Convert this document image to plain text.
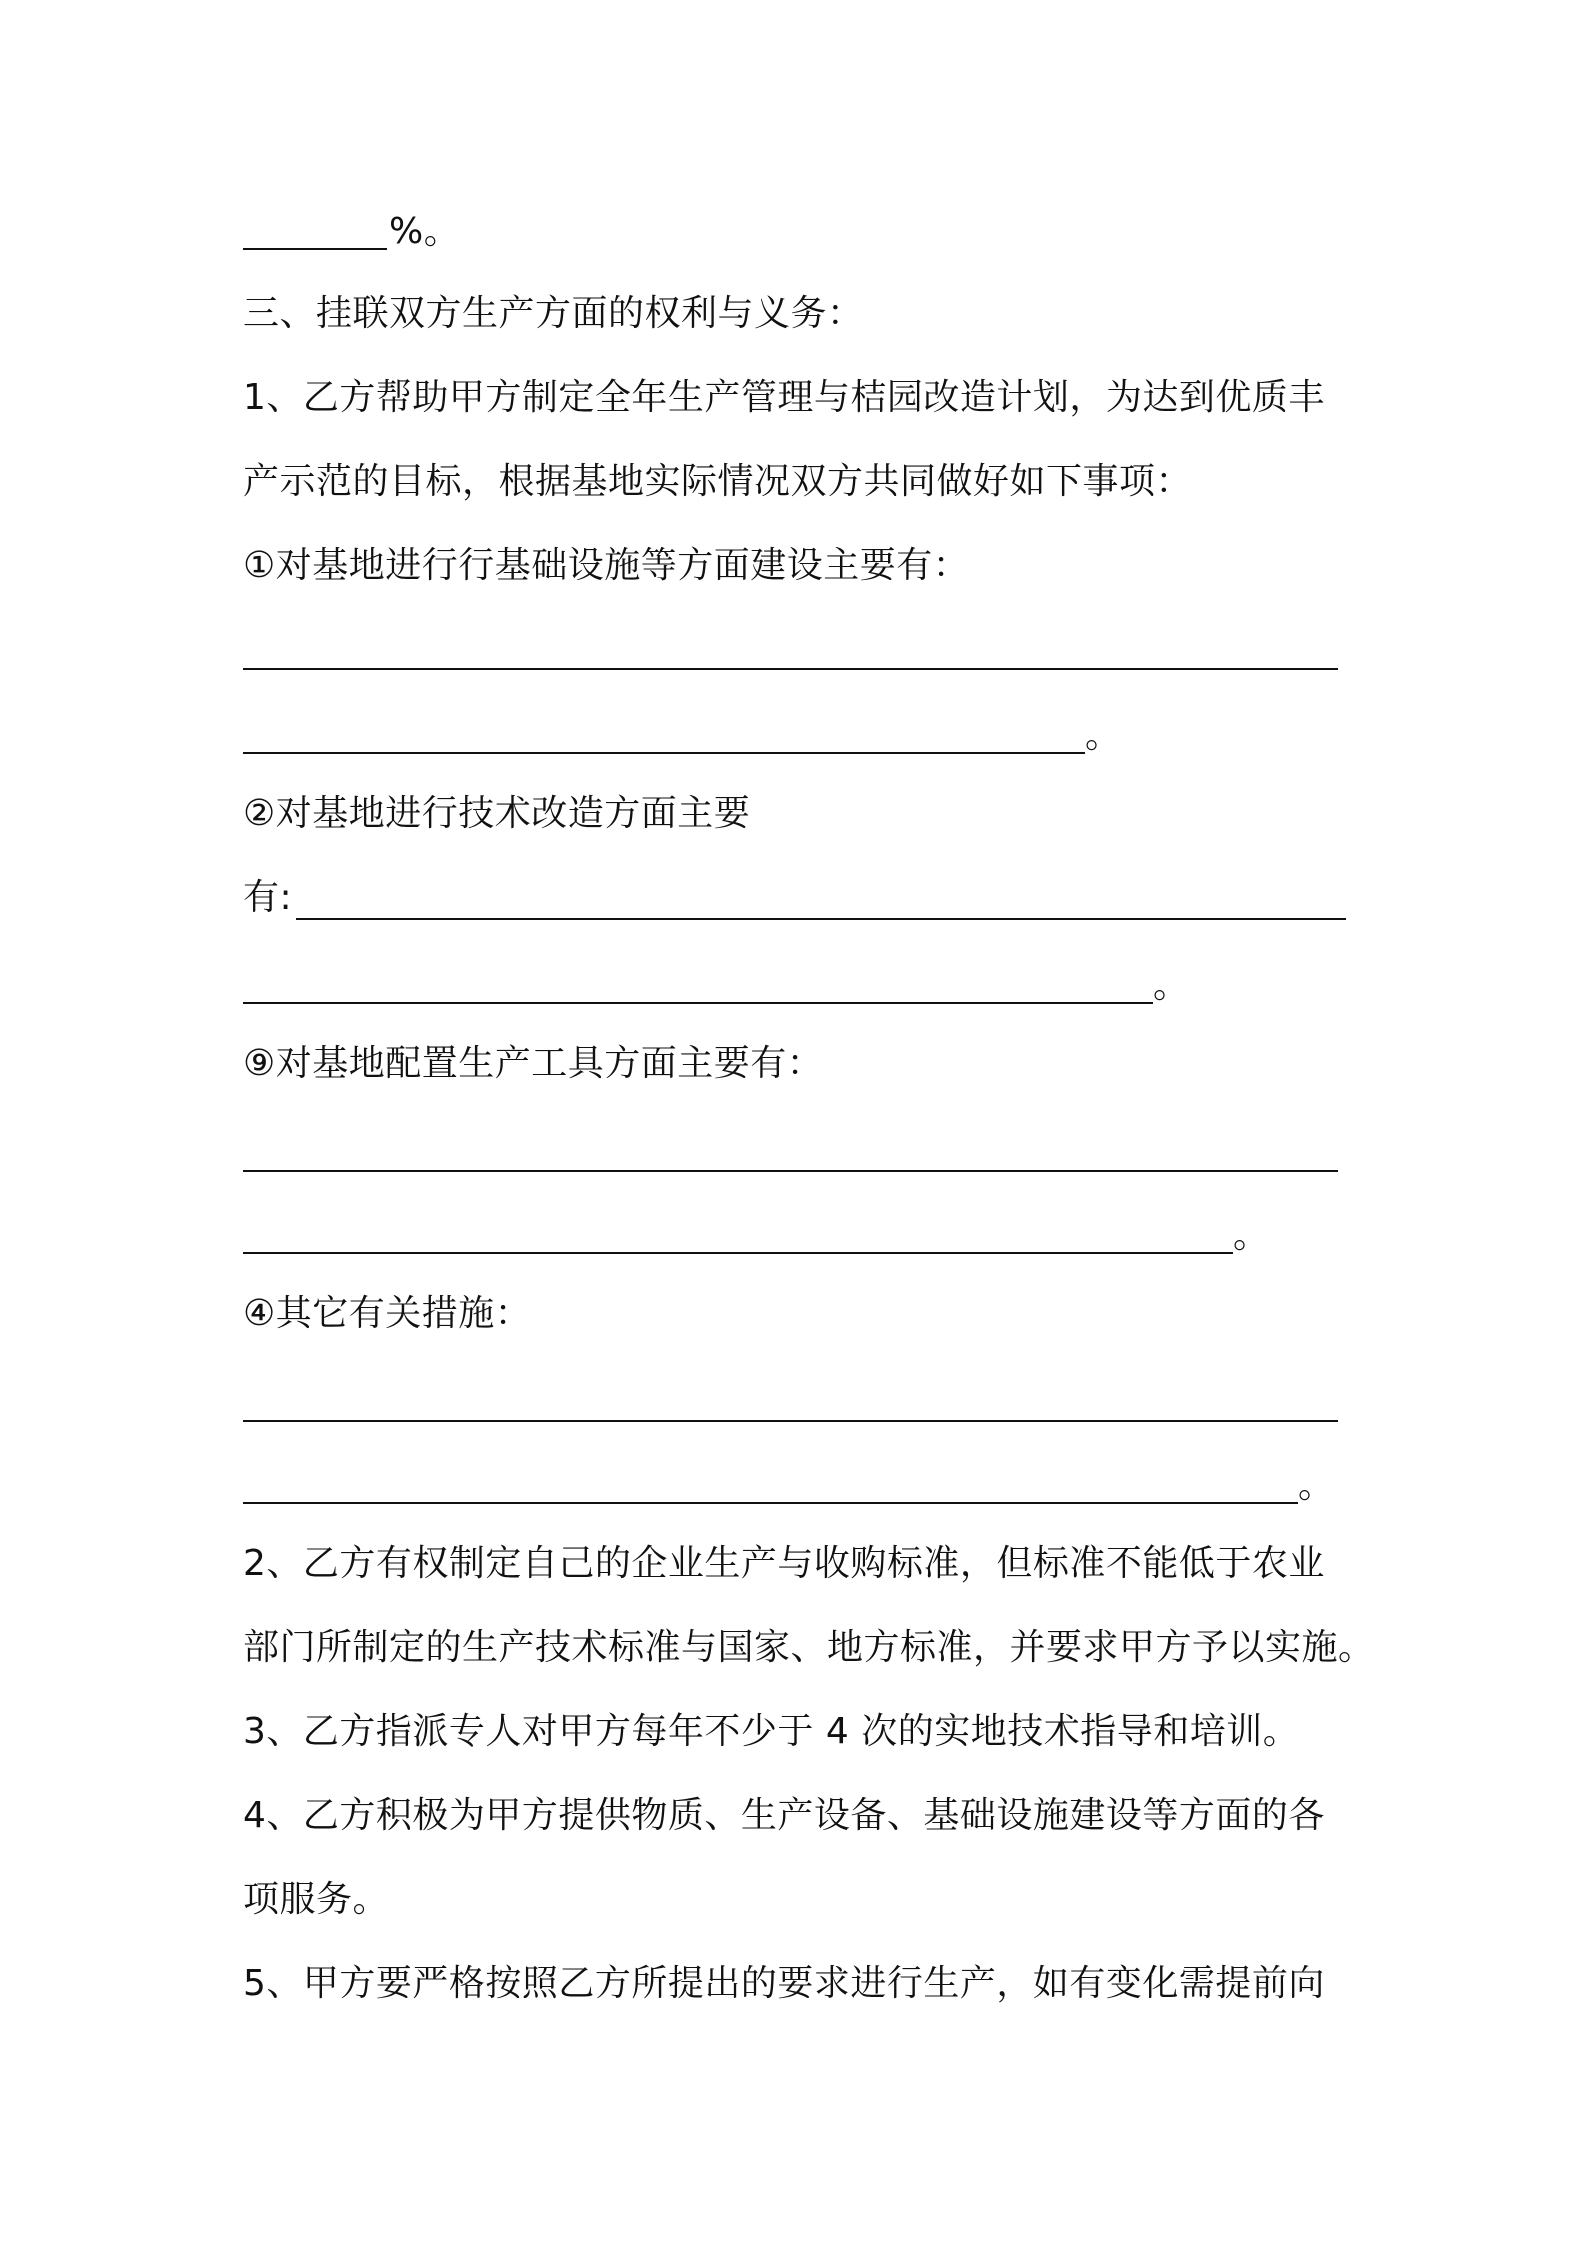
%。
三、挂联双方生产方面的权利与义务：
1、乙方帮助甲方制定全年生产管理与桔园改造计划，为达到优质丰
产示范的目标，根据基地实际情况双方共同做好如下事项：
①对基地进行行基础设施等方面建设主要有：
。
②对基地进行技术改造方面主要
有:
。
⑨对基地配置生产工具方面主要有：
。
④其它有关措施：
。
2、乙方有权制定自己的企业生产与收购标准，但标准不能低于农业
部门所制定的生产技术标准与国家、地方标准，并要求甲方予以实施。
3、乙方指派专人对甲方每年不少于 4 次的实地技术指导和培训。
4、乙方积极为甲方提供物质、生产设备、基础设施建设等方面的各
项服务。
5、甲方要严格按照乙方所提出的要求进行生产，如有变化需提前向
